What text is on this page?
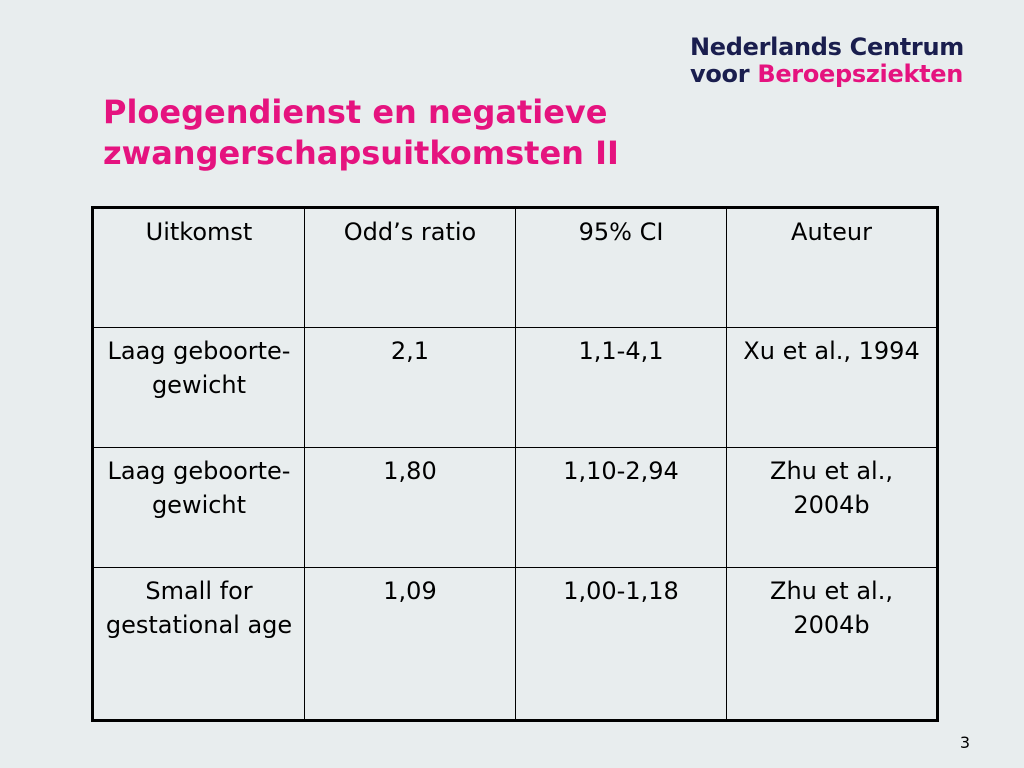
Nederlands Centrum
voor Beroepsziekten
Ploegendienst en negatieve
zwangerschapsuitkomsten II
Uitkomst	Odd’s ratio	95% CI	Auteur
Laag geboorte-gewicht	2,1	1,1-4,1	Xu et al., 1994
Laag geboorte-gewicht	1,80	1,10-2,94	Zhu et al., 2004b
Small for gestational age	1,09	1,00-1,18	Zhu et al., 2004b
3
